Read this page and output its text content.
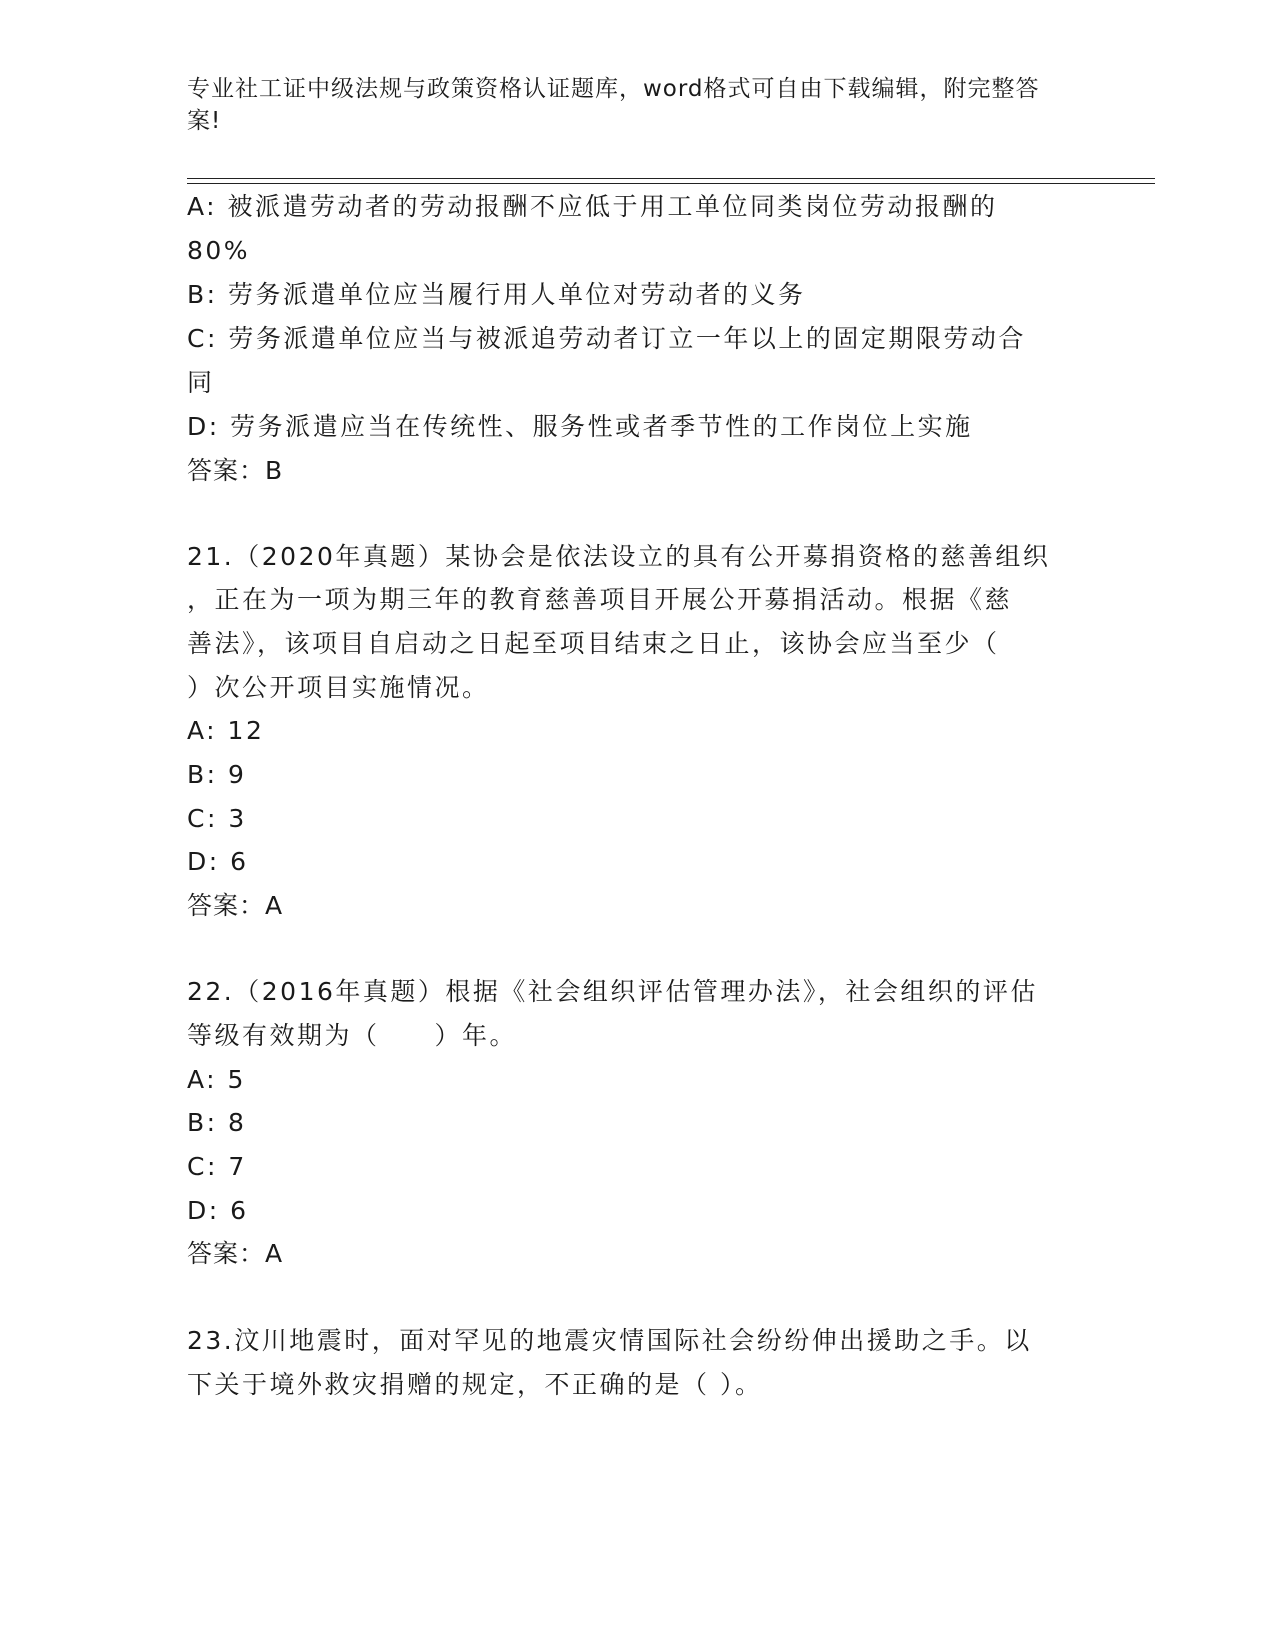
专业社工证中级法规与政策资格认证题库，word格式可自由下载编辑，附完整答
案!
A: 被派遣劳动者的劳动报酬不应低于用工单位同类岗位劳动报酬的
80%
B: 劳务派遣单位应当履行用人单位对劳动者的义务
C: 劳务派遣单位应当与被派追劳动者订立一年以上的固定期限劳动合
同
D: 劳务派遣应当在传统性、服务性或者季节性的工作岗位上实施
答案：B
21.（2020年真题）某协会是依法设立的具有公开募捐资格的慈善组织
，正在为一项为期三年的教育慈善项目开展公开募捐活动。根据《慈
善法》，该项目自启动之日起至项目结束之日止，该协会应当至少（
）次公开项目实施情况。
A: 12
B: 9
C: 3
D: 6
答案：A
22.（2016年真题）根据《社会组织评估管理办法》，社会组织的评估
等级有效期为（　　）年。
A: 5
B: 8
C: 7
D: 6
答案：A
23.汶川地震时，面对罕见的地震灾情国际社会纷纷伸出援助之手。以
下关于境外救灾捐赠的规定，不正确的是（ ）。
